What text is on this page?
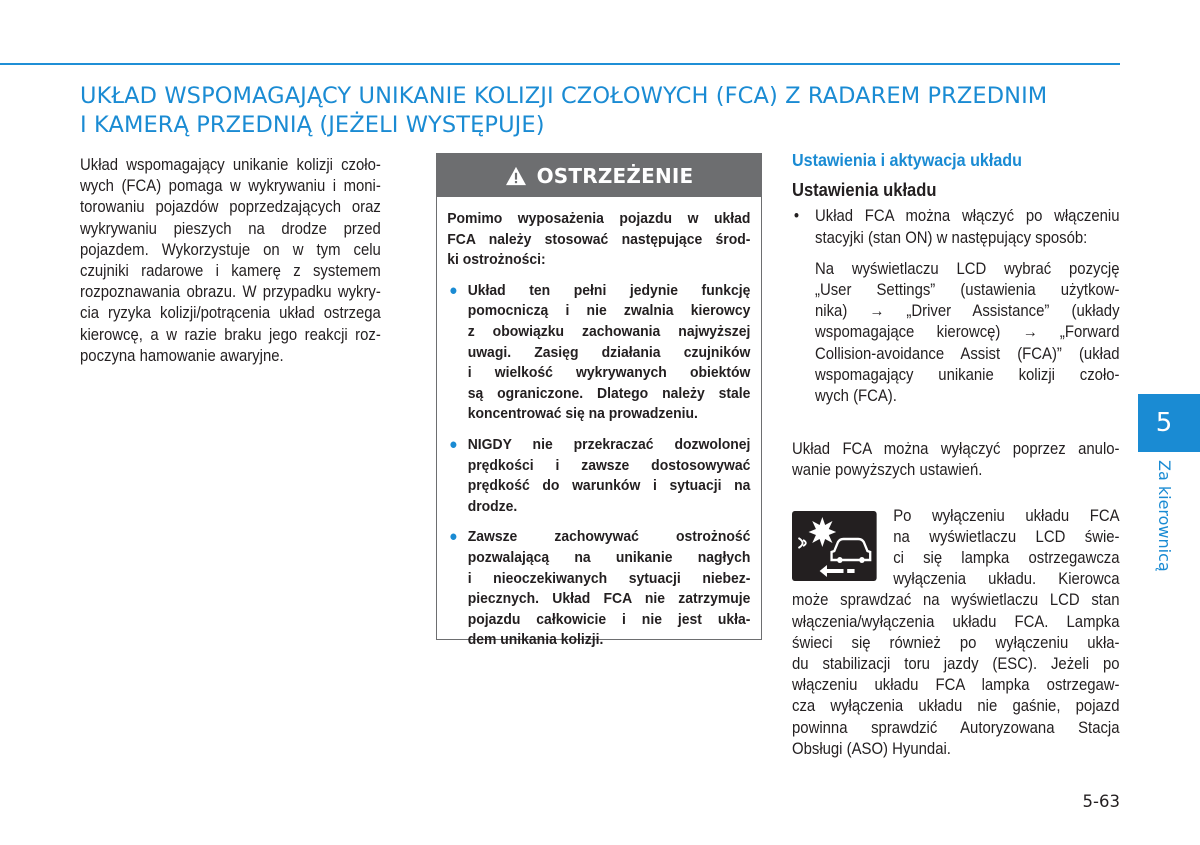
UKŁAD WSPOMAGAJĄCY UNIKANIE KOLIZJI CZOŁOWYCH (FCA) Z RADAREM PRZEDNIM
I KAMERĄ PRZEDNIĄ (JEŻELI WYSTĘPUJE)
Układ wspomagający unikanie kolizji czoło-
wych (FCA) pomaga w wykrywaniu i moni-
torowaniu pojazdów poprzedzających oraz
wykrywaniu pieszych na drodze przed
pojazdem. Wykorzystuje on w tym celu
czujniki radarowe i kamerę z systemem
rozpoznawania obrazu. W przypadku wykry-
cia ryzyka kolizji/potrącenia układ ostrzega
kierowcę, a w razie braku jego reakcji roz-
poczyna hamowanie awaryjne.
OSTRZEŻENIE
Pomimo wyposażenia pojazdu w układ
FCA należy stosować następujące środ-
ki ostrożności:
● Układ ten pełni jedynie funkcję
pomocniczą i nie zwalnia kierowcy
z obowiązku zachowania najwyższej
uwagi. Zasięg działania czujników
i wielkość wykrywanych obiektów
są ograniczone. Dlatego należy stale
koncentrować się na prowadzeniu.
● NIGDY nie przekraczać dozwolonej
prędkości i zawsze dostosowywać
prędkość do warunków i sytuacji na
drodze.
● Zawsze zachowywać ostrożność
pozwalającą na unikanie nagłych
i nieoczekiwanych sytuacji niebez-
piecznych. Układ FCA nie zatrzymuje
pojazdu całkowicie i nie jest ukła-
dem unikania kolizji.
Ustawienia i aktywacja układu
Ustawienia układu
• Układ FCA można włączyć po włączeniu
stacyjki (stan ON) w następujący sposób:
Na wyświetlaczu LCD wybrać pozycję
„User Settings” (ustawienia użytkow-
nika) → „Driver Assistance” (układy
wspomagające kierowcę) → „Forward
Collision-avoidance Assist (FCA)” (układ
wspomagający unikanie kolizji czoło-
wych (FCA).
Układ FCA można wyłączyć poprzez anulo-
wanie powyższych ustawień.
Po wyłączeniu układu FCA
na wyświetlaczu LCD świe-
ci się lampka ostrzegawcza
wyłączenia układu. Kierowca
może sprawdzać na wyświetlaczu LCD stan
włączenia/wyłączenia układu FCA. Lampka
świeci się również po wyłączeniu ukła-
du stabilizacji toru jazdy (ESC). Jeżeli po
włączeniu układu FCA lampka ostrzegaw-
cza wyłączenia układu nie gaśnie, pojazd
powinna sprawdzić Autoryzowana Stacja
Obsługi (ASO) Hyundai.
5
Za kierownicą
5-63
